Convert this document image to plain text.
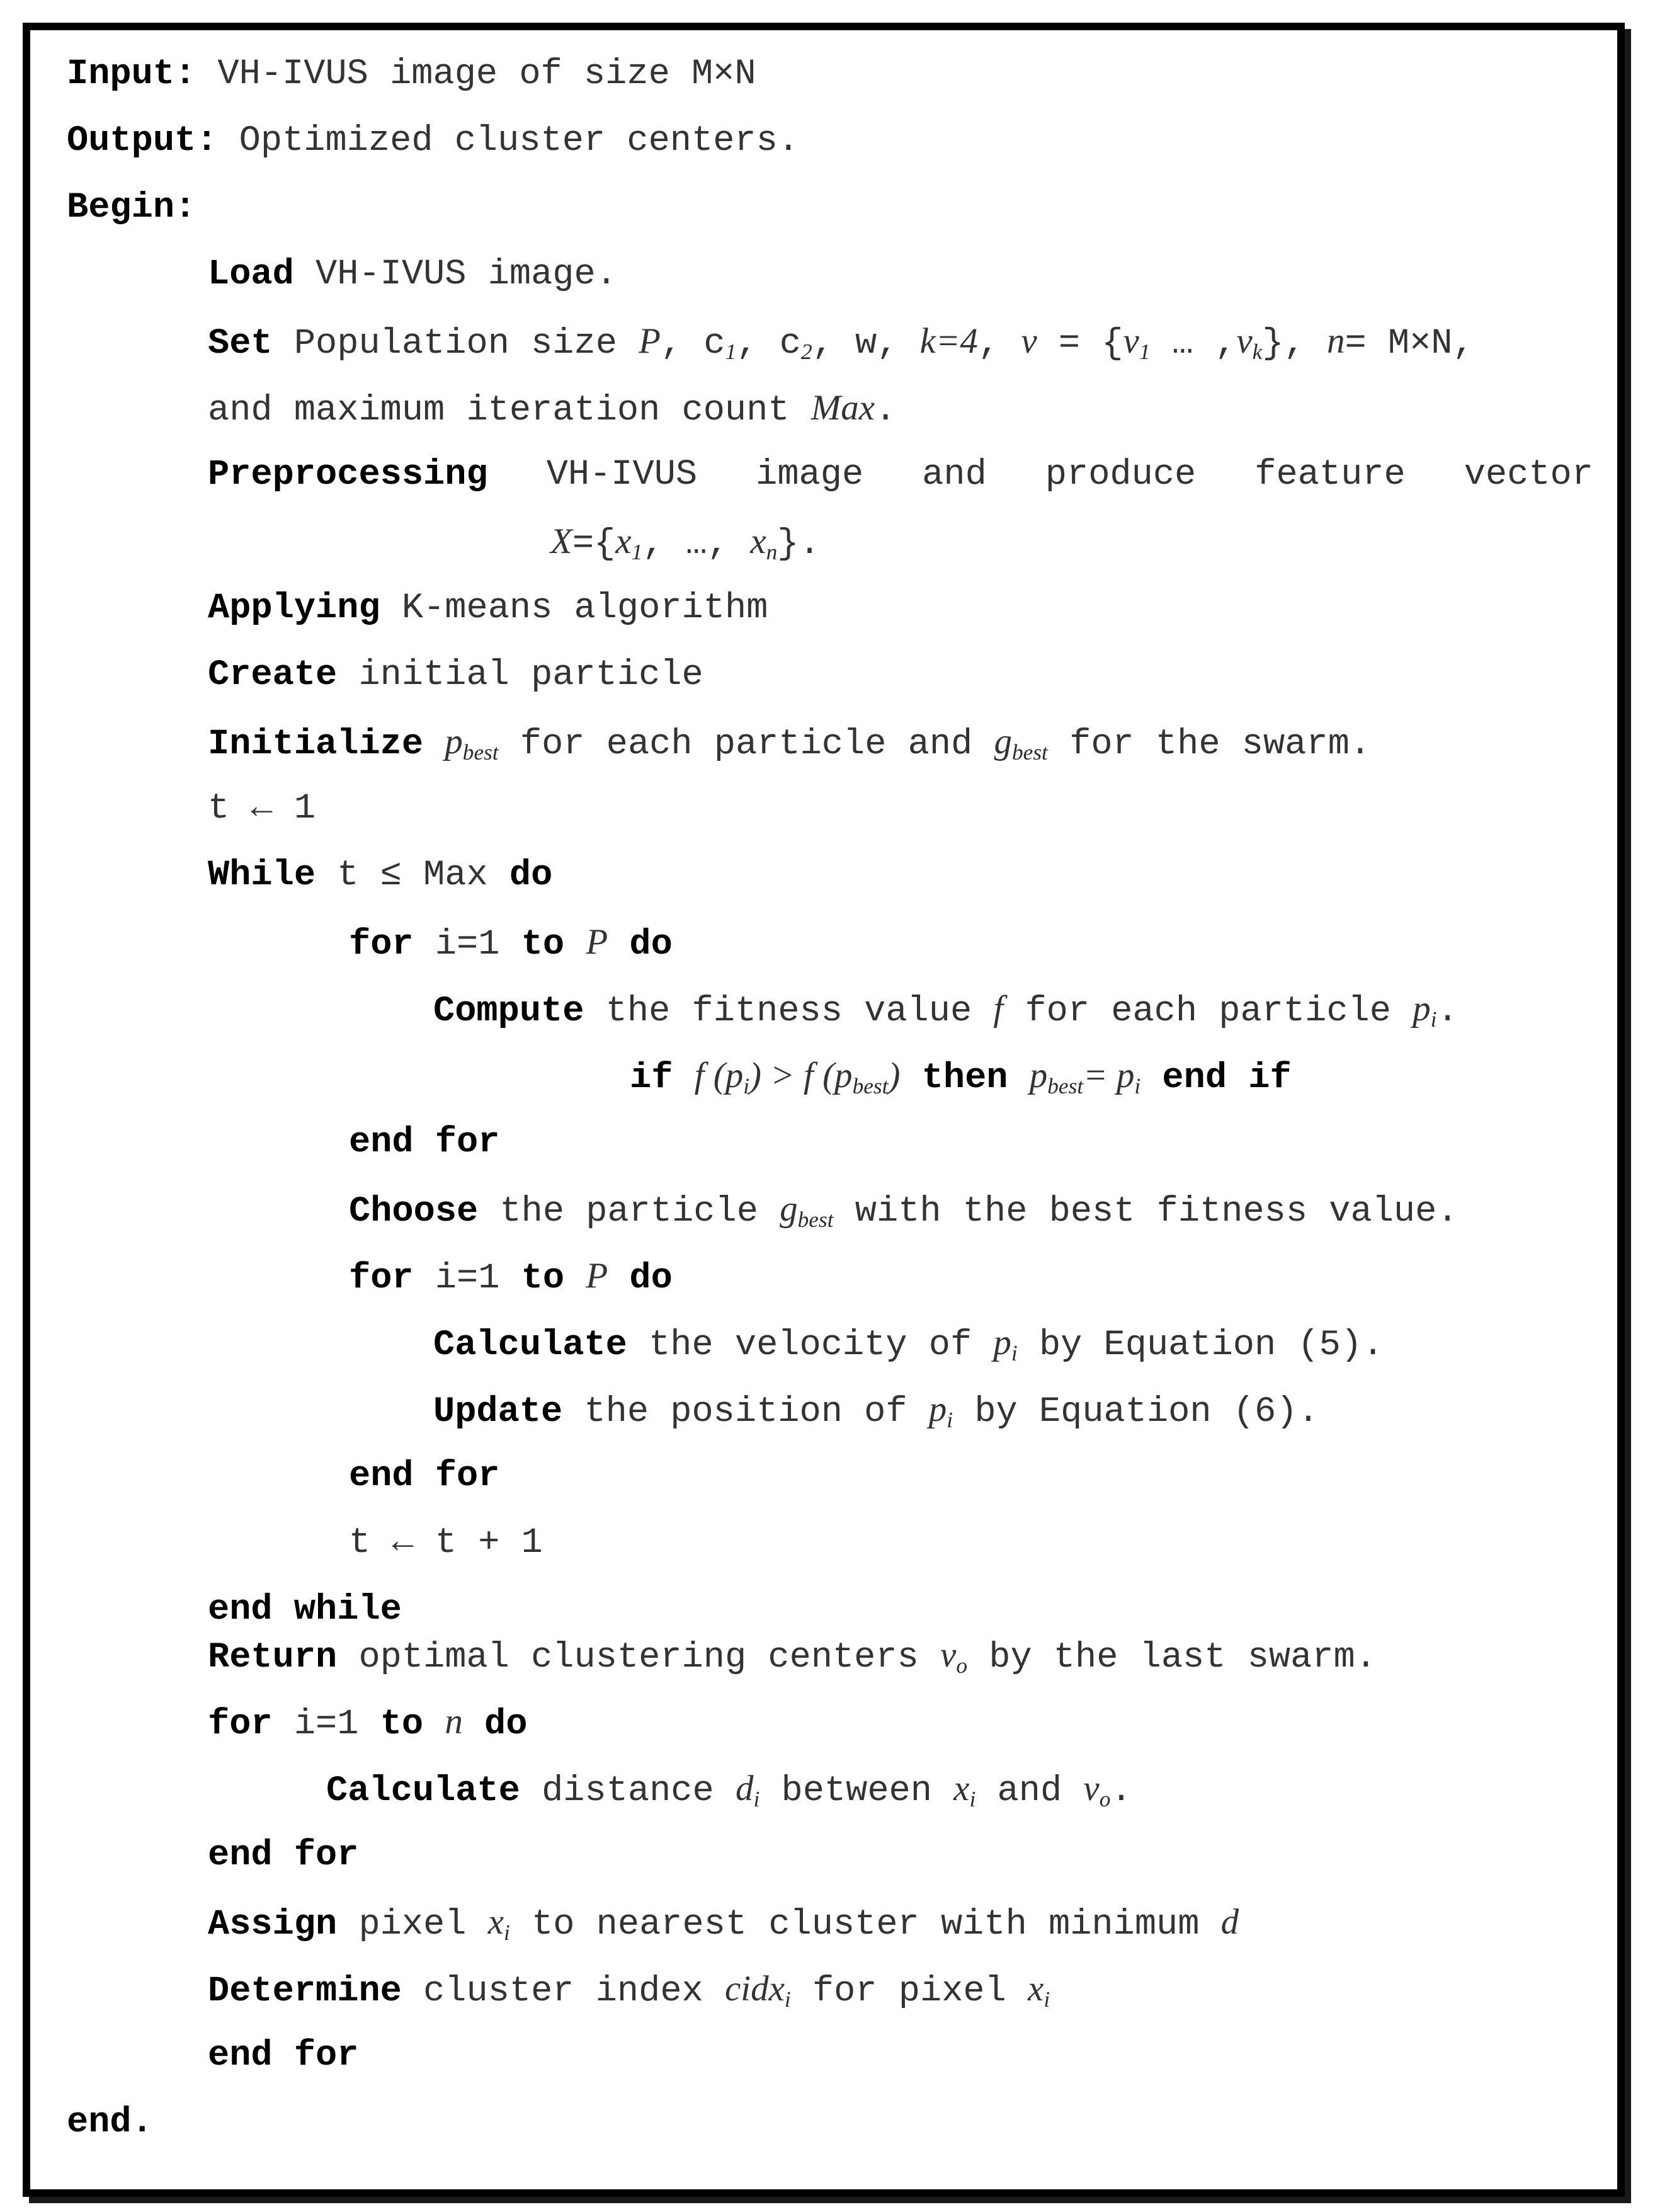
Input: VH-IVUS image of size M×N
Output: Optimized cluster centers.
Begin:
Load VH-IVUS image.
Set Population size P, $c_1$, $c_2$, w, k=4, $v = \{v_1$ … $,v_k$}, n= M×N,
and maximum iteration count Max.
Preprocessing VH-IVUS image and produce feature vector
$X=\{x_1$, …, $x_n$}.
Applying K-means algorithm
Create initial particle
Initialize $p_{best}$ for each particle and $g_{best}$ for the swarm.
t ← 1
While t ≤ Max do
for i=1 to P do
Compute the fitness value f for each particle $p_i$.
if f $(p_i) > f$ $(p_{best})$ then $p_{best}= p_i$ end if
end for
Choose the particle $g_{best}$ with the best fitness value.
for i=1 to P do
Calculate the velocity of $p_i$ by Equation (5).
Update the position of $p_i$ by Equation (6).
end for
t ← t + 1
end while
Return optimal clustering centers $v_o$ by the last swarm.
for i=1 to n do
Calculate distance $d_i$ between $x_i$ and $v_o$.
end for
Assign pixel $x_i$ to nearest cluster with minimum d
Determine cluster index cidx$_i$ for pixel $x_i$
end for
end.
